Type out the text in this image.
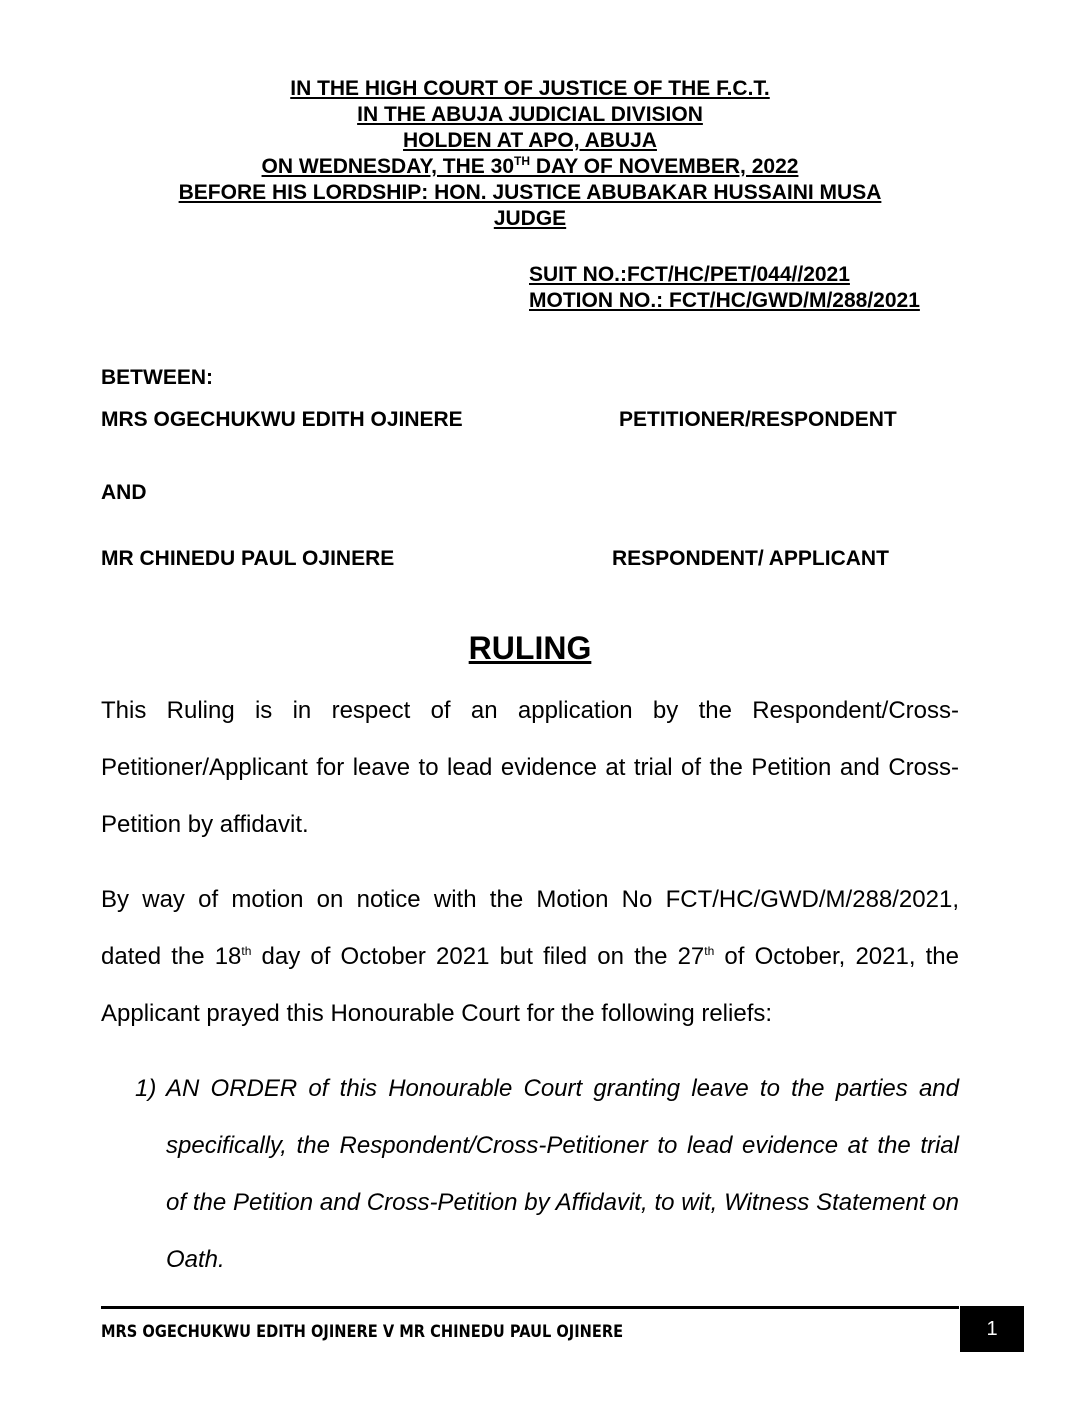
IN THE HIGH COURT OF JUSTICE OF THE F.C.T.

IN THE ABUJA JUDICIAL DIVISION

HOLDEN AT APO, ABUJA

ON WEDNESDAY, THE 30TH DAY OF NOVEMBER, 2022

BEFORE HIS LORDSHIP: HON. JUSTICE ABUBAKAR HUSSAINI MUSA

JUDGE

SUIT NO.:FCT/HC/PET/044//2021

MOTION NO.: FCT/HC/GWD/M/288/2021

BETWEEN:
MRS OGECHUKWU EDITH OJINERE	PETITIONER/RESPONDENT
AND
MR CHINEDU PAUL OJINERE	RESPONDENT/ APPLICANT
RULING

This Ruling is in respect of an application by the Respondent/Cross-Petitioner/Applicant for leave to lead evidence at trial of the Petition and Cross-Petition by affidavit.

By way of motion on notice with the Motion No FCT/HC/GWD/M/288/2021, dated the 18th day of October 2021 but filed on the 27th of October, 2021, the Applicant prayed this Honourable Court for the following reliefs:

1) AN ORDER of this Honourable Court granting leave to the parties and specifically, the Respondent/Cross-Petitioner to lead evidence at the trial of the Petition and Cross-Petition by Affidavit, to wit, Witness Statement on Oath.
MRS OGECHUKWU EDITH OJINERE V MR CHINEDU PAUL OJINERE	1
